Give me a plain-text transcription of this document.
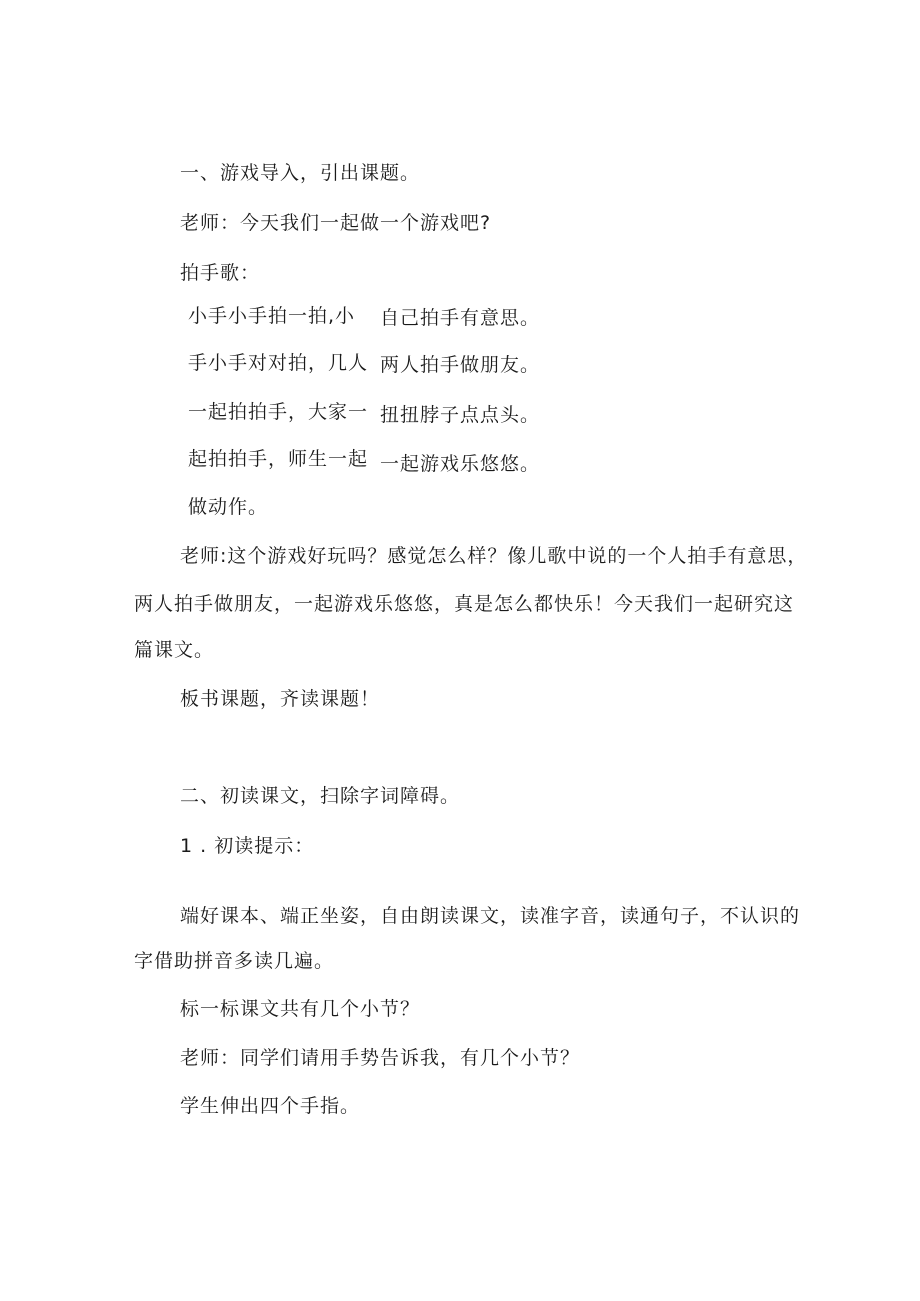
一、游戏导入，引出课题。
老师：今天我们一起做一个游戏吧?
拍手歌：
小手小手拍一拍,小
手小手对对拍，几人
一起拍拍手，大家一
起拍拍手，师生一起
做动作。
自己拍手有意思。
两人拍手做朋友。
扭扭脖子点点头。
一起游戏乐悠悠。
老师:这个游戏好玩吗？感觉怎么样？像儿歌中说的一个人拍手有意思，
两人拍手做朋友，一起游戏乐悠悠，真是怎么都快乐！今天我们一起研究这
篇课文。
板书课题，齐读课题！
二、初读课文，扫除字词障碍。
1 . 初读提示：
端好课本、端正坐姿，自由朗读课文，读准字音，读通句子，不认识的
字借助拼音多读几遍。
标一标课文共有几个小节？
老师：同学们请用手势告诉我，有几个小节？
学生伸出四个手指。
